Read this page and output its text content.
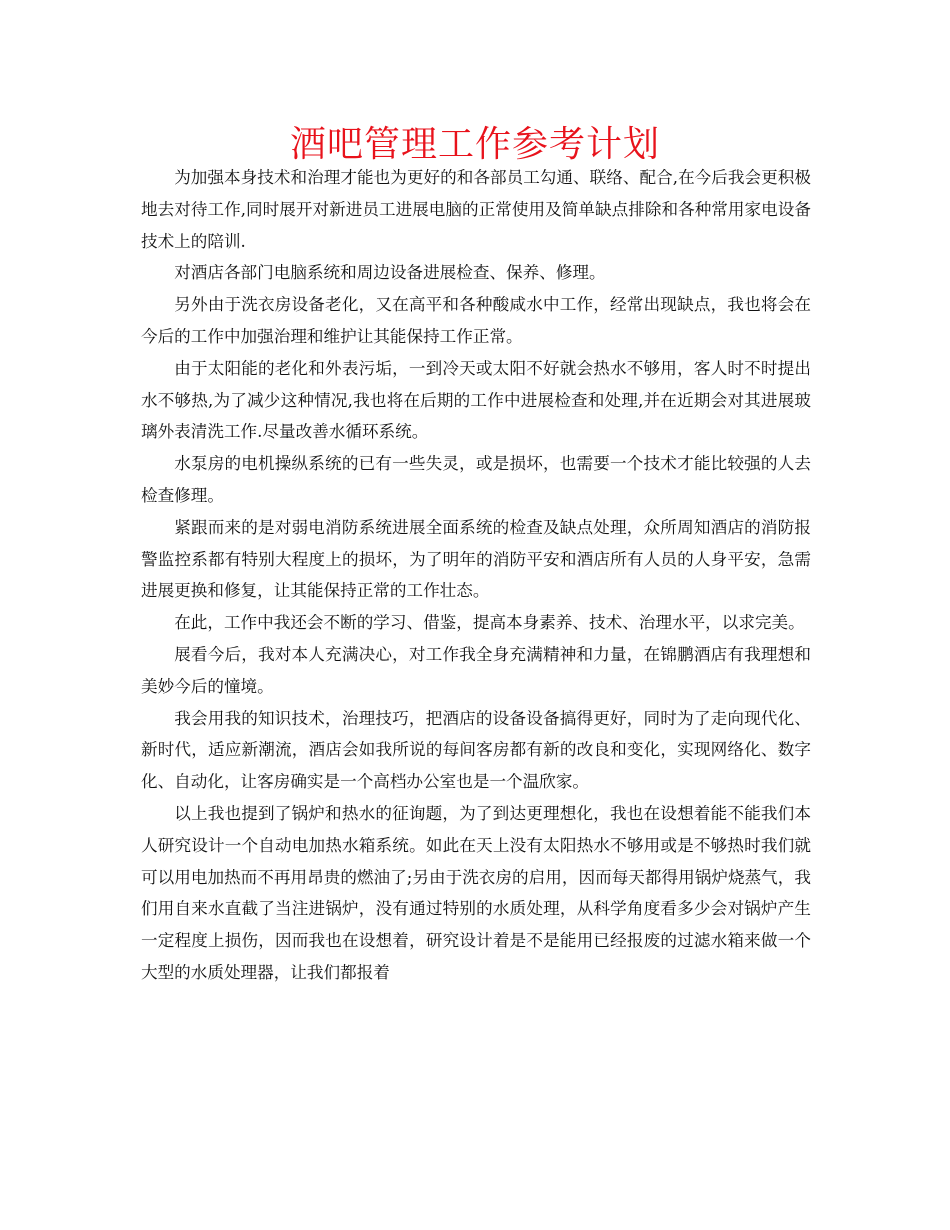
酒吧管理工作参考计划

为加强本身技术和治理才能也为更好的和各部员工勾通、联络、配合,在今后我会更积极地去对待工作,同时展开对新进员工进展电脑的正常使用及简单缺点排除和各种常用家电设备技术上的陪训.

对酒店各部门电脑系统和周边设备进展检查、保养、修理。

另外由于洗衣房设备老化，又在高平和各种酸咸水中工作，经常出现缺点，我也将会在今后的工作中加强治理和维护让其能保持工作正常。

由于太阳能的老化和外表污垢，一到冷天或太阳不好就会热水不够用，客人时不时提出水不够热,为了减少这种情况,我也将在后期的工作中进展检查和处理,并在近期会对其进展玻璃外表清洗工作.尽量改善水循环系统。

水泵房的电机操纵系统的已有一些失灵，或是损坏，也需要一个技术才能比较强的人去检查修理。

紧跟而来的是对弱电消防系统进展全面系统的检查及缺点处理，众所周知酒店的消防报警监控系都有特别大程度上的损坏，为了明年的消防平安和酒店所有人员的人身平安，急需进展更换和修复，让其能保持正常的工作壮态。

在此，工作中我还会不断的学习、借鉴，提高本身素养、技术、治理水平，以求完美。

展看今后，我对本人充满决心，对工作我全身充满精神和力量，在锦鹏酒店有我理想和美妙今后的憧境。

我会用我的知识技术，治理技巧，把酒店的设备设备搞得更好，同时为了走向现代化、新时代，适应新潮流，酒店会如我所说的每间客房都有新的改良和变化，实现网络化、数字化、自动化，让客房确实是一个高档办公室也是一个温欣家。

以上我也提到了锅炉和热水的征询题，为了到达更理想化，我也在设想着能不能我们本人研究设计一个自动电加热水箱系统。如此在天上没有太阳热水不够用或是不够热时我们就可以用电加热而不再用昂贵的燃油了;另由于洗衣房的启用，因而每天都得用锅炉烧蒸气，我们用自来水直截了当注进锅炉，没有通过特别的水质处理，从科学角度看多少会对锅炉产生一定程度上损伤，因而我也在设想着，研究设计着是不是能用已经报废的过滤水箱来做一个大型的水质处理器，让我们都报着
